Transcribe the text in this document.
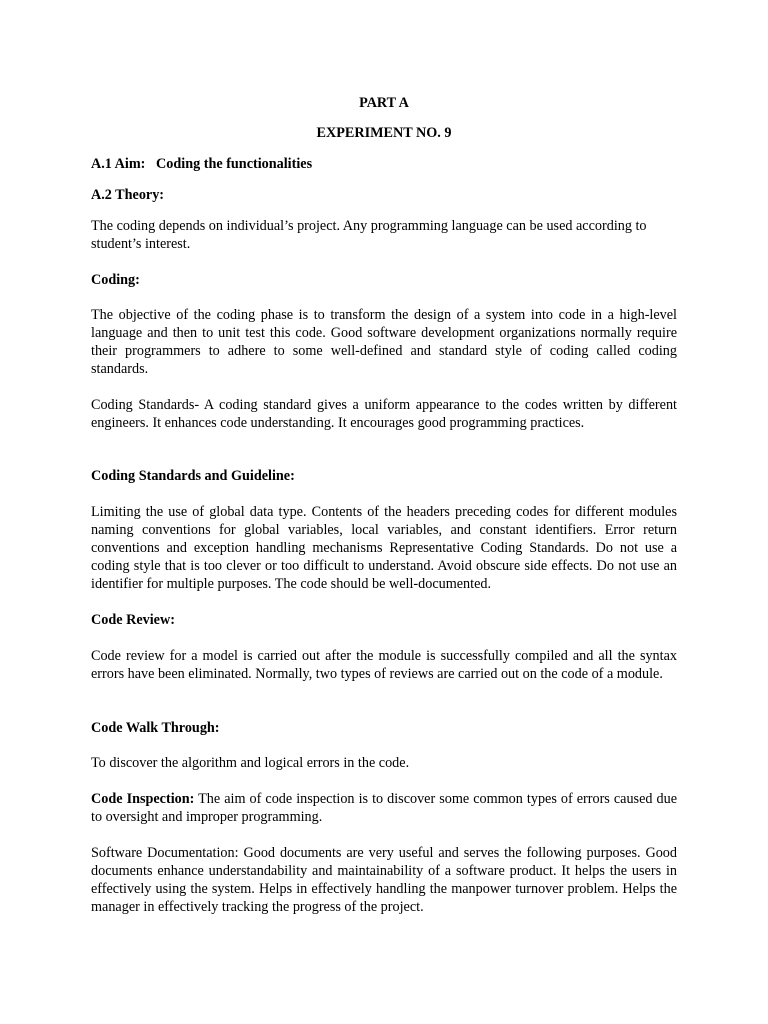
PART A

EXPERIMENT NO. 9

A.1 Aim: Coding the functionalities

A.2 Theory:

The coding depends on individual’s project. Any programming language can be used according to student’s interest.

Coding:

The objective of the coding phase is to transform the design of a system into code in a high-level language and then to unit test this code. Good software development organizations normally require their programmers to adhere to some well-defined and standard style of coding called coding standards.

Coding Standards- A coding standard gives a uniform appearance to the codes written by different engineers. It enhances code understanding. It encourages good programming practices.

Coding Standards and Guideline:

Limiting the use of global data type. Contents of the headers preceding codes for different modules naming conventions for global variables, local variables, and constant identifiers. Error return conventions and exception handling mechanisms Representative Coding Standards. Do not use a coding style that is too clever or too difficult to understand. Avoid obscure side effects. Do not use an identifier for multiple purposes. The code should be well-documented.

Code Review:

Code review for a model is carried out after the module is successfully compiled and all the syntax errors have been eliminated. Normally, two types of reviews are carried out on the code of a module.

Code Walk Through:

To discover the algorithm and logical errors in the code.

Code Inspection: The aim of code inspection is to discover some common types of errors caused due to oversight and improper programming.

Software Documentation: Good documents are very useful and serves the following purposes. Good documents enhance understandability and maintainability of a software product. It helps the users in effectively using the system. Helps in effectively handling the manpower turnover problem. Helps the manager in effectively tracking the progress of the project.
